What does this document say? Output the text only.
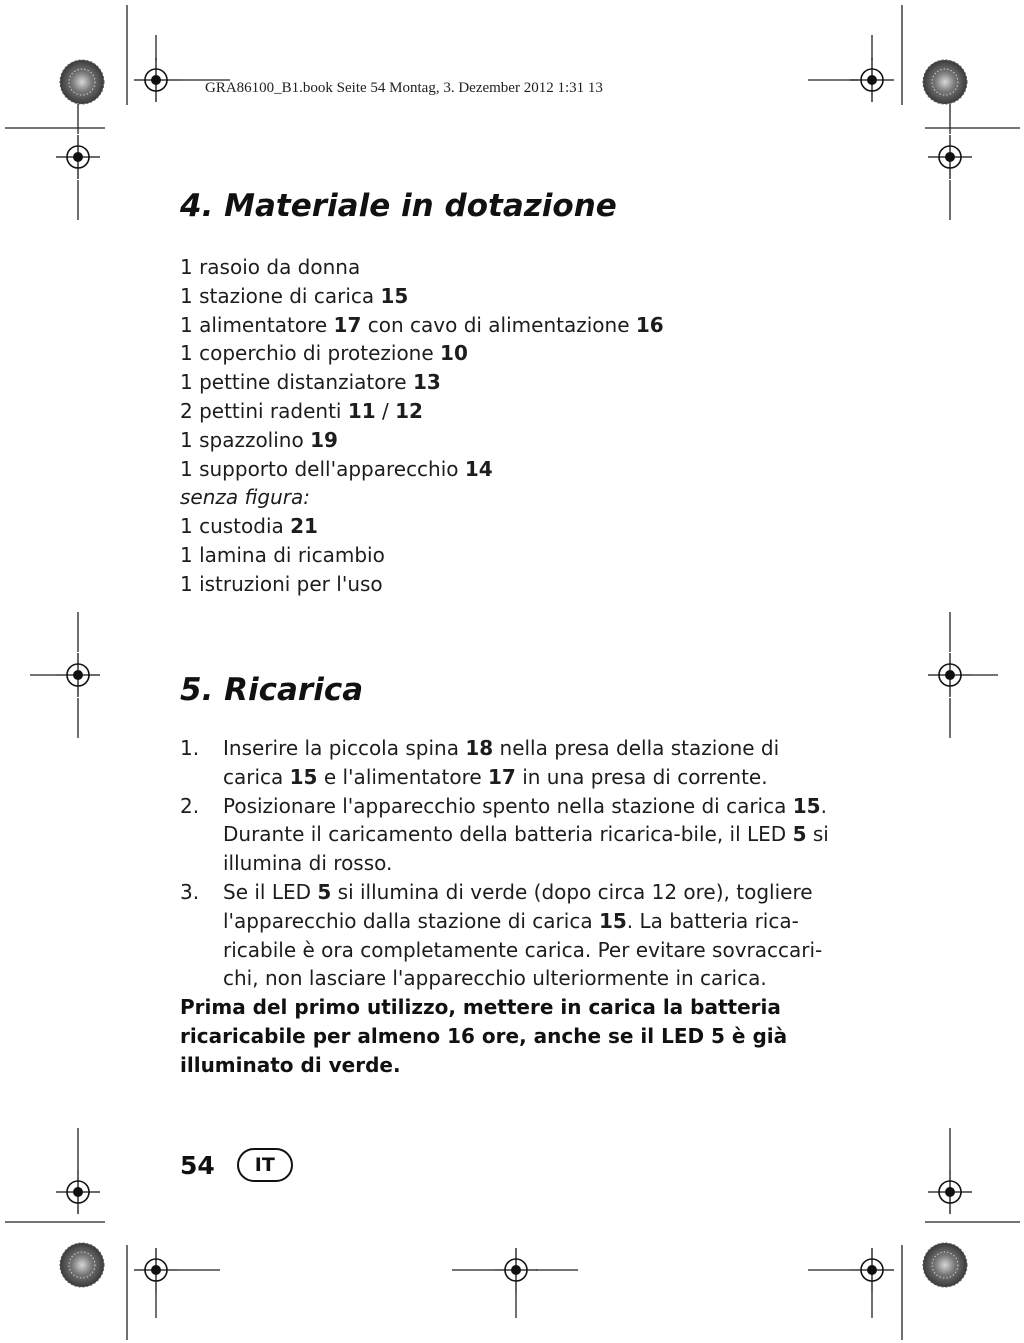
GRA86100_B1.book Seite 54 Montag, 3. Dezember 2012 1:31 13
4. Materiale in dotazione
1 rasoio da donna
1 stazione di carica 15
1 alimentatore 17 con cavo di alimentazione 16
1 coperchio di protezione 10
1 pettine distanziatore 13
2 pettini radenti 11 / 12
1 spazzolino 19
1 supporto dell'apparecchio 14
senza figura:
1 custodia 21
1 lamina di ricambio
1 istruzioni per l'uso
5. Ricarica
1. Inserire la piccola spina 18 nella presa della stazione di carica 15 e l'alimentatore 17 in una presa di corrente.
2. Posizionare l'apparecchio spento nella stazione di carica 15. Durante il caricamento della batteria ricarica-bile, il LED 5 si illumina di rosso.
3. Se il LED 5 si illumina di verde (dopo circa 12 ore), togliere l'apparecchio dalla stazione di carica 15. La batteria rica-ricabile è ora completamente carica. Per evitare sovraccari-chi, non lasciare l'apparecchio ulteriormente in carica.

Prima del primo utilizzo, mettere in carica la batteria ricaricabile per almeno 16 ore, anche se il LED 5 è già illuminato di verde.

54	IT
